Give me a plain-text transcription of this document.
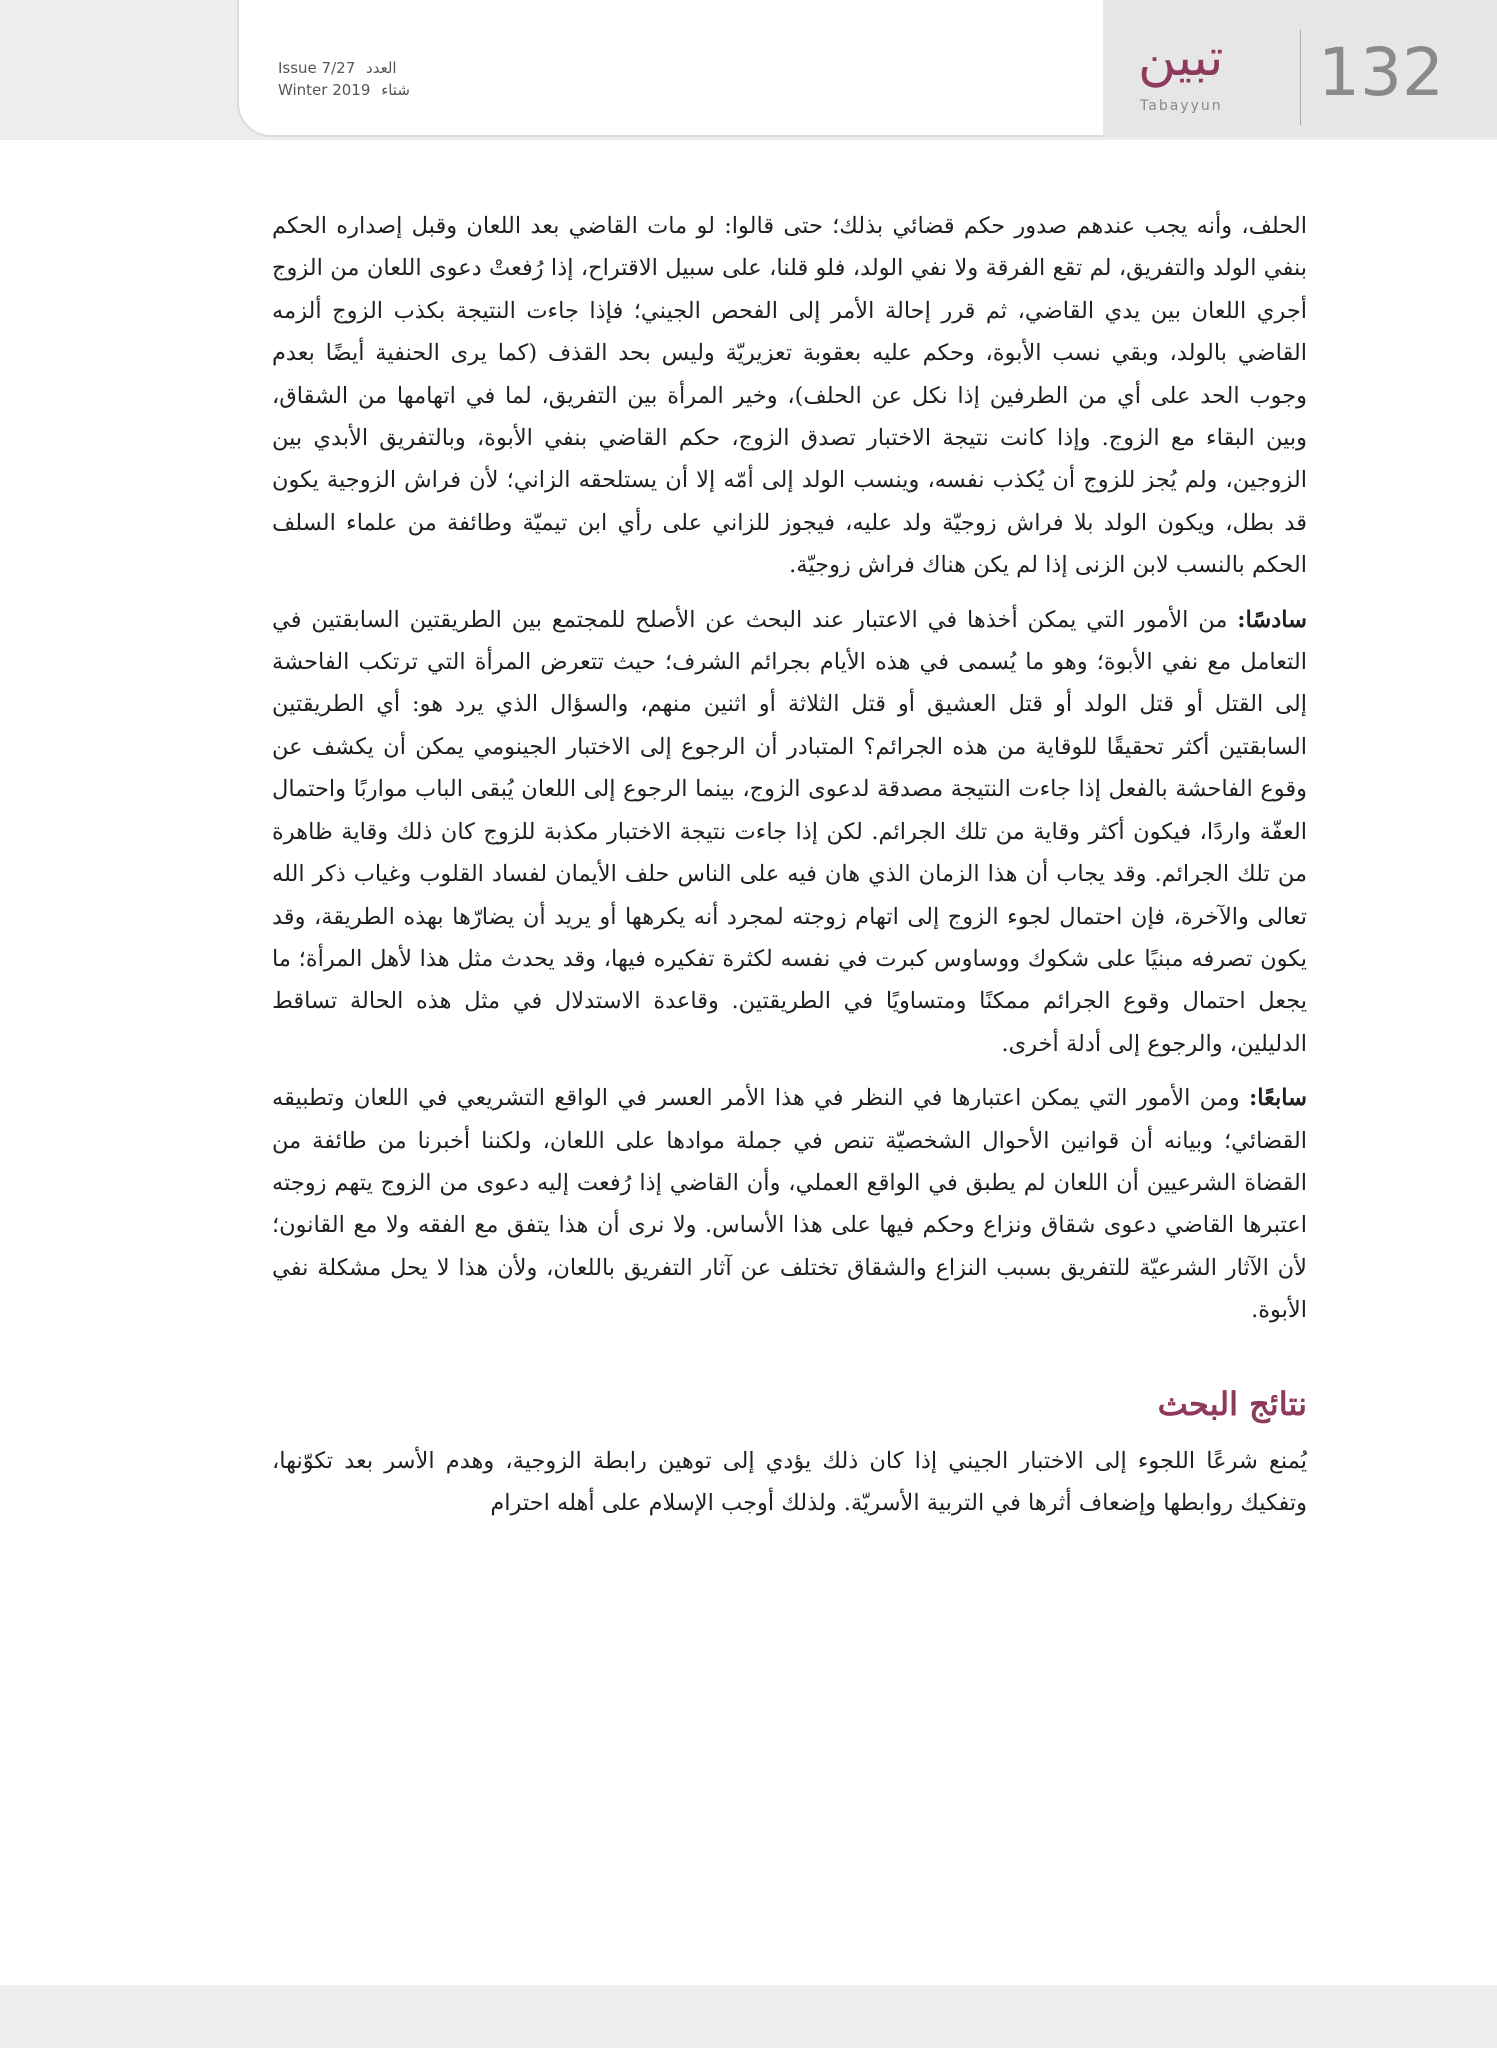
Issue 7/27 العدد
Winter 2019 شتاء
تبين
Tabayyun 132

الحلف، وأنه يجب عندهم صدور حكم قضائي بذلك؛ حتى قالوا: لو مات القاضي بعد اللعان وقبل إصداره الحكم بنفي الولد والتفريق، لم تقع الفرقة ولا نفي الولد، فلو قلنا، على سبيل الاقتراح، إذا رُفعتْ دعوى اللعان من الزوج أجري اللعان بين يدي القاضي، ثم قرر إحالة الأمر إلى الفحص الجيني؛ فإذا جاءت النتيجة بكذب الزوج ألزمه القاضي بالولد، وبقي نسب الأبوة، وحكم عليه بعقوبة تعزيريّة وليس بحد القذف (كما يرى الحنفية أيضًا بعدم وجوب الحد على أي من الطرفين إذا نكل عن الحلف)، وخير المرأة بين التفريق، لما في اتهامها من الشقاق، وبين البقاء مع الزوج. وإذا كانت نتيجة الاختبار تصدق الزوج، حكم القاضي بنفي الأبوة، وبالتفريق الأبدي بين الزوجين، ولم يُجز للزوج أن يُكذب نفسه، وينسب الولد إلى أمّه إلا أن يستلحقه الزاني؛ لأن فراش الزوجية يكون قد بطل، ويكون الولد بلا فراش زوجيّة ولد عليه، فيجوز للزاني على رأي ابن تيميّة وطائفة من علماء السلف الحكم بالنسب لابن الزنى إذا لم يكن هناك فراش زوجيّة.

سادسًا: من الأمور التي يمكن أخذها في الاعتبار عند البحث عن الأصلح للمجتمع بين الطريقتين السابقتين في التعامل مع نفي الأبوة؛ وهو ما يُسمى في هذه الأيام بجرائم الشرف؛ حيث تتعرض المرأة التي ترتكب الفاحشة إلى القتل أو قتل الولد أو قتل العشيق أو قتل الثلاثة أو اثنين منهم، والسؤال الذي يرد هو: أي الطريقتين السابقتين أكثر تحقيقًا للوقاية من هذه الجرائم؟ المتبادر أن الرجوع إلى الاختبار الجينومي يمكن أن يكشف عن وقوع الفاحشة بالفعل إذا جاءت النتيجة مصدقة لدعوى الزوج، بينما الرجوع إلى اللعان يُبقى الباب مواربًا واحتمال العفّة واردًا، فيكون أكثر وقاية من تلك الجرائم. لكن إذا جاءت نتيجة الاختبار مكذبة للزوج كان ذلك وقاية ظاهرة من تلك الجرائم. وقد يجاب أن هذا الزمان الذي هان فيه على الناس حلف الأيمان لفساد القلوب وغياب ذكر الله تعالى والآخرة، فإن احتمال لجوء الزوج إلى اتهام زوجته لمجرد أنه يكرهها أو يريد أن يضارّها بهذه الطريقة، وقد يكون تصرفه مبنيًا على شكوك ووساوس كبرت في نفسه لكثرة تفكيره فيها، وقد يحدث مثل هذا لأهل المرأة؛ ما يجعل احتمال وقوع الجرائم ممكنًا ومتساويًا في الطريقتين. وقاعدة الاستدلال في مثل هذه الحالة تساقط الدليلين، والرجوع إلى أدلة أخرى.

سابعًا: ومن الأمور التي يمكن اعتبارها في النظر في هذا الأمر العسر في الواقع التشريعي في اللعان وتطبيقه القضائي؛ وبيانه أن قوانين الأحوال الشخصيّة تنص في جملة موادها على اللعان، ولكننا أخبرنا من طائفة من القضاة الشرعيين أن اللعان لم يطبق في الواقع العملي، وأن القاضي إذا رُفعت إليه دعوى من الزوج يتهم زوجته اعتبرها القاضي دعوى شقاق ونزاع وحكم فيها على هذا الأساس. ولا نرى أن هذا يتفق مع الفقه ولا مع القانون؛ لأن الآثار الشرعيّة للتفريق بسبب النزاع والشقاق تختلف عن آثار التفريق باللعان، ولأن هذا لا يحل مشكلة نفي الأبوة.

نتائج البحث

يُمنع شرعًا اللجوء إلى الاختبار الجيني إذا كان ذلك يؤدي إلى توهين رابطة الزوجية، وهدم الأسر بعد تكوّنها، وتفكيك روابطها وإضعاف أثرها في التربية الأسريّة. ولذلك أوجب الإسلام على أهله احترام
